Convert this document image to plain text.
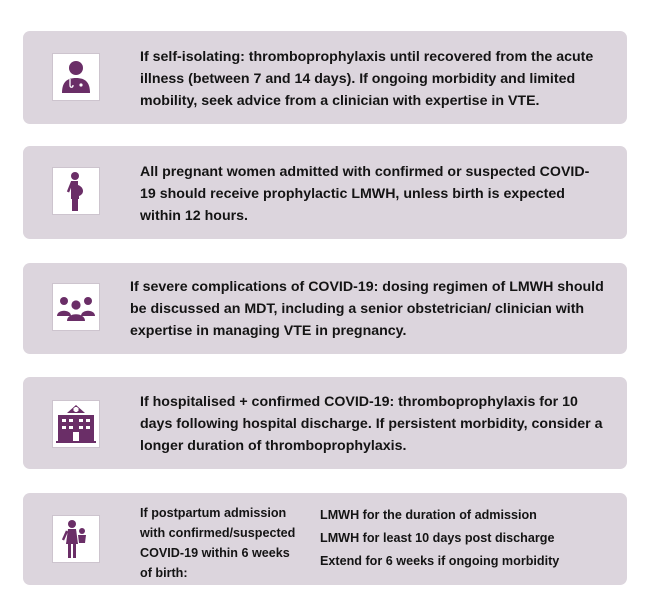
If self-isolating: thromboprophylaxis until recovered from the acute
illness (between 7 and 14 days). If ongoing morbidity and limited
mobility, seek advice from a clinician with expertise in VTE.
All pregnant women admitted with confirmed or suspected COVID-
19 should receive prophylactic LMWH, unless birth is expected
within 12 hours.
If severe complications of COVID-19: dosing regimen of LMWH should
be discussed an MDT, including a senior obstetrician/ clinician with
expertise in managing VTE in pregnancy.
If hospitalised + confirmed COVID-19: thromboprophylaxis for 10
days following hospital discharge. If persistent morbidity, consider a
longer duration of thromboprophylaxis.
If postpartum admission
with confirmed/suspected
COVID-19 within 6 weeks
of birth:
LMWH for the duration of admission
LMWH for least 10 days post discharge
Extend for 6 weeks if ongoing morbidity
